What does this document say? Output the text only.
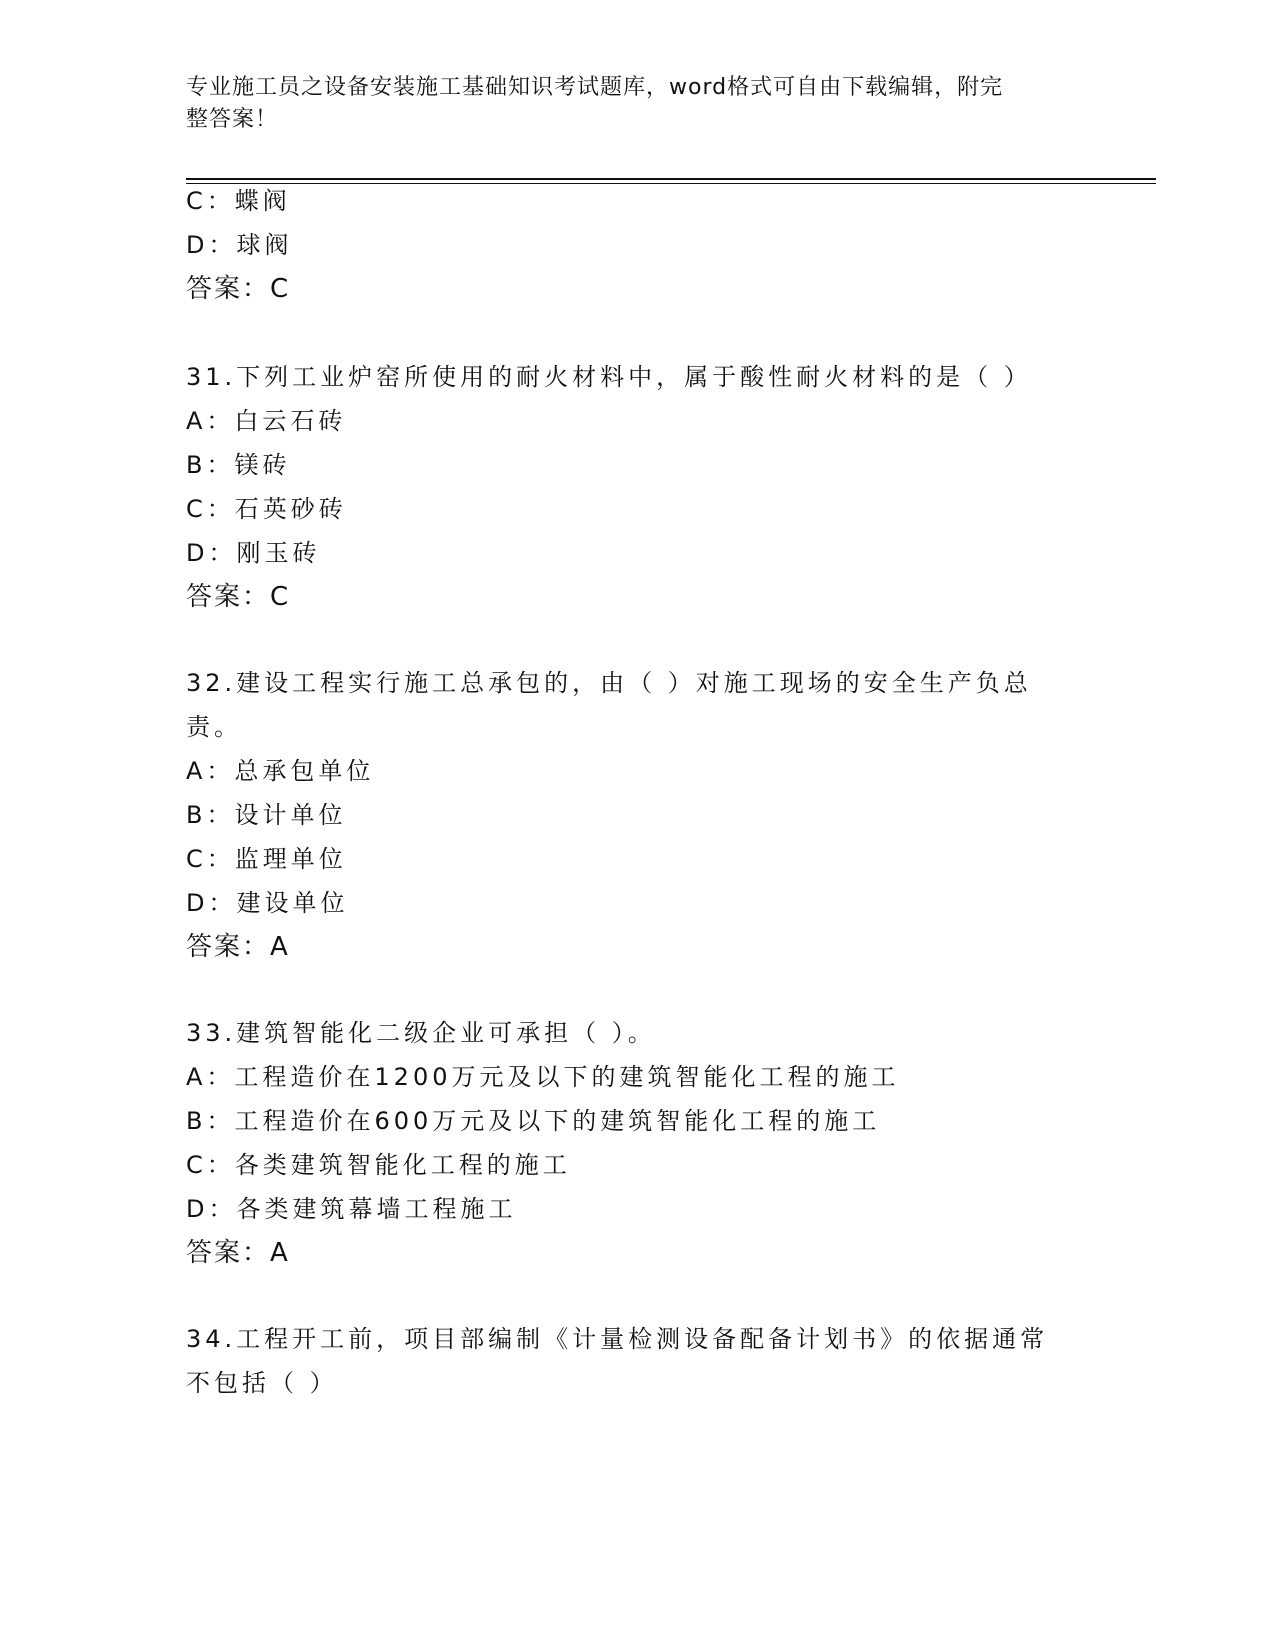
专业施工员之设备安装施工基础知识考试题库，word格式可自由下载编辑，附完
整答案！
C：蝶阀
D：球阀
答案：C
31.下列工业炉窑所使用的耐火材料中，属于酸性耐火材料的是（ ）
A：白云石砖
B：镁砖
C：石英砂砖
D：刚玉砖
答案：C
32.建设工程实行施工总承包的，由（ ）对施工现场的安全生产负总
责。
A：总承包单位
B：设计单位
C：监理单位
D：建设单位
答案：A
33.建筑智能化二级企业可承担（ ）。
A：工程造价在1200万元及以下的建筑智能化工程的施工
B：工程造价在600万元及以下的建筑智能化工程的施工
C：各类建筑智能化工程的施工
D：各类建筑幕墙工程施工
答案：A
34.工程开工前，项目部编制《计量检测设备配备计划书》的依据通常
不包括（ ）
